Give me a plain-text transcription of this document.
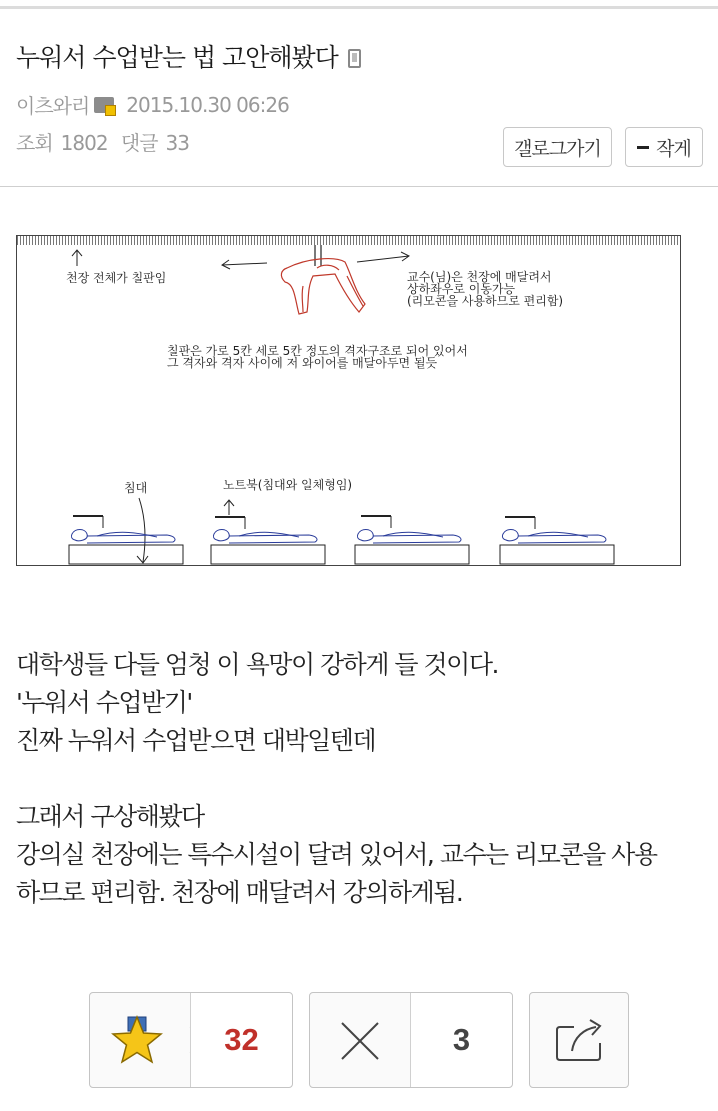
누워서 수업받는 법 고안해봤다
이츠와리 2015.10.30 06:26
조회 1802 댓글 33	갤로그가기	작게
천장 전체가 칠판임	교수(님)은 천장에 매달려서
상하좌우로 이동가능
(리모콘을 사용하므로 편리함)
칠판은 가로 5칸 세로 5칸 정도의 격자구조로 되어 있어서
그 격자와 격자 사이에 저 와이어를 매달아두면 될듯
침대	노트북(침대와 일체형임)

대학생들 다들 엄청 이 욕망이 강하게 들 것이다.

'누워서 수업받기'

진짜 누워서 수업받으면 대박일텐데

그래서 구상해봤다

강의실 천장에는 특수시설이 달려 있어서, 교수는 리모콘을 사용

하므로 편리함. 천장에 매달려서 강의하게됨.

32	3
